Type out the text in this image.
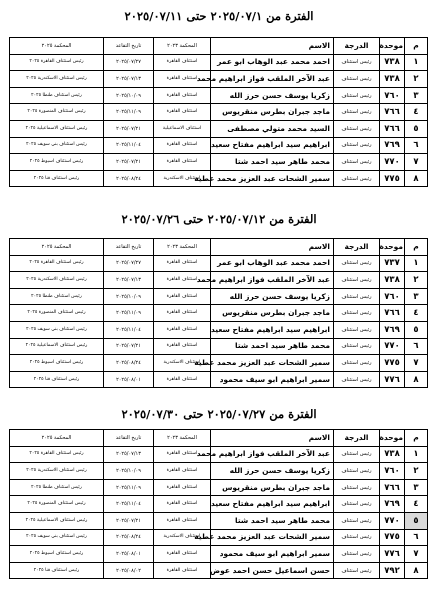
الفترة من ٢٠٢٥/٠٧/١ حتى ٢٠٢٥/٠٧/١١
م	موحدة	الدرجة	الاسم	المحكمة ٢٠٢٣	تاريخ التقاعد	المحكمة ٢٠٢٥
١	٧٣٨	رئيس استئناف	احمد محمد عبد الوهاب ابو عمر	استئناف القاهرة	٢٠٢٥/٠٧/٢٧	رئيس استئناف القاهرة ٢٠٢٥
٢	٧٣٨	رئيس استئناف	عبد الآخر الملقب فواز ابراهيم محمد	استئناف القاهرة	٢٠٢٥/٠٧/١٣	رئيس استئناف الاسكندرية ٢٠٢٥
٣	٧٦٠	رئيس استئناف	زكريا يوسف حسن حرز الله	استئناف القاهرة	٢٠٢٥/١٠/٠٩	رئيس استئناف طنطا ٢٠٢٥
٤	٧٦٦	رئيس استئناف	ماجد جبران بطرس منقريوس	استئناف القاهرة	٢٠٢٥/١١/٠٩	رئيس استئناف المنصورة ٢٠٢٥
٥	٧٦٦	رئيس استئناف	السيد محمد متولي مصطفى	استئناف الاسماعيلية	٢٠٢٥/٠٧/٢١	رئيس استئناف الاسماعيلية ٢٠٢٥
٦	٧٦٩	رئيس استئناف	ابراهيم سيد ابراهيم مفتاح سعيد	استئناف القاهرة	٢٠٢٥/١١/٠٤	رئيس استئناف بني سويف ٢٠٢٥
٧	٧٧٠	رئيس استئناف	محمد طاهر سيد احمد شتا	استئناف القاهرة	٢٠٢٥/٠٧/٢١	رئيس استئناف اسيوط ٢٠٢٥
٨	٧٧٥	رئيس استئناف	سمير الشحات عبد العزيز محمد عطية	استئناف الاسكندرية	٢٠٢٥/٠٨/٢٤	رئيس استئناف قنا ٢٠٢٥
الفترة من ٢٠٢٥/٠٧/١٢ حتى ٢٠٢٥/٠٧/٢٦
م	موحدة	الدرجة	الاسم	المحكمة ٢٠٢٣	تاريخ التقاعد	المحكمة ٢٠٢٥
١	٧٣٧	رئيس استئناف	احمد محمد عبد الوهاب ابو عمر	استئناف القاهرة	٢٠٢٥/٠٧/٢٧	رئيس استئناف القاهرة ٢٠٢٥
٢	٧٣٨	رئيس استئناف	عبد الآخر الملقب فواز ابراهيم محمد	استئناف القاهرة	٢٠٢٥/٠٧/١٣	رئيس استئناف الاسكندرية ٢٠٢٥
٣	٧٦٠	رئيس استئناف	زكريا يوسف حسن حرز الله	استئناف القاهرة	٢٠٢٥/١٠/٠٩	رئيس استئناف طنطا ٢٠٢٥
٤	٧٦٦	رئيس استئناف	ماجد جبران بطرس منقريوس	استئناف القاهرة	٢٠٢٥/١١/٠٩	رئيس استئناف المنصورة ٢٠٢٥
٥	٧٦٩	رئيس استئناف	ابراهيم سيد ابراهيم مفتاح سعيد	استئناف القاهرة	٢٠٢٥/١١/٠٤	رئيس استئناف بني سويف ٢٠٢٥
٦	٧٧٠	رئيس استئناف	محمد طاهر سيد احمد شتا	استئناف القاهرة	٢٠٢٥/٠٧/٢١	رئيس استئناف الاسماعيلية ٢٠٢٥
٧	٧٧٥	رئيس استئناف	سمير الشحات عبد العزيز محمد عطية	استئناف الاسكندرية	٢٠٢٥/٠٨/٢٤	رئيس استئناف اسيوط ٢٠٢٥
٨	٧٧٦	رئيس استئناف	سمير ابراهيم ابو سيف محمود	استئناف القاهرة	٢٠٢٥/٠٨/٠١	رئيس استئناف قنا ٢٠٢٥
الفترة من ٢٠٢٥/٠٧/٢٧ حتى ٢٠٢٥/٠٧/٣٠
م	موحدة	الدرجة	الاسم	المحكمة ٢٠٢٣	تاريخ التقاعد	المحكمة ٢٠٢٥
١	٧٣٨	رئيس استئناف	عبد الآخر الملقب فواز ابراهيم محمد	استئناف القاهرة	٢٠٢٥/٠٧/١٣	رئيس استئناف القاهرة ٢٠٢٥
٢	٧٦٠	رئيس استئناف	زكريا يوسف حسن حرز الله	استئناف القاهرة	٢٠٢٥/١٠/٠٩	رئيس استئناف الاسكندرية ٢٠٢٥
٣	٧٦٦	رئيس استئناف	ماجد جبران بطرس منقريوس	استئناف القاهرة	٢٠٢٥/١١/٠٩	رئيس استئناف طنطا ٢٠٢٥
٤	٧٦٩	رئيس استئناف	ابراهيم سيد ابراهيم مفتاح سعيد	استئناف القاهرة	٢٠٢٥/١١/٠٤	رئيس استئناف المنصورة ٢٠٢٥
٥	٧٧٠	رئيس استئناف	محمد طاهر سيد احمد شتا	استئناف القاهرة	٢٠٢٥/٠٧/٢١	رئيس استئناف الاسماعيلية ٢٠٢٥
٦	٧٧٥	رئيس استئناف	سمير الشحات عبد العزيز محمد عطية	استئناف الاسكندرية	٢٠٢٥/٠٨/٢٤	رئيس استئناف بني سويف ٢٠٢٥
٧	٧٧٦	رئيس استئناف	سمير ابراهيم ابو سيف محمود	استئناف القاهرة	٢٠٢٥/٠٨/٠١	رئيس استئناف اسيوط ٢٠٢٥
٨	٧٩٢	رئيس استئناف	حسن اسماعيل حسن احمد عوض	استئناف القاهرة	٢٠٢٥/٠٨/٠٢	رئيس استئناف قنا ٢٠٢٥
